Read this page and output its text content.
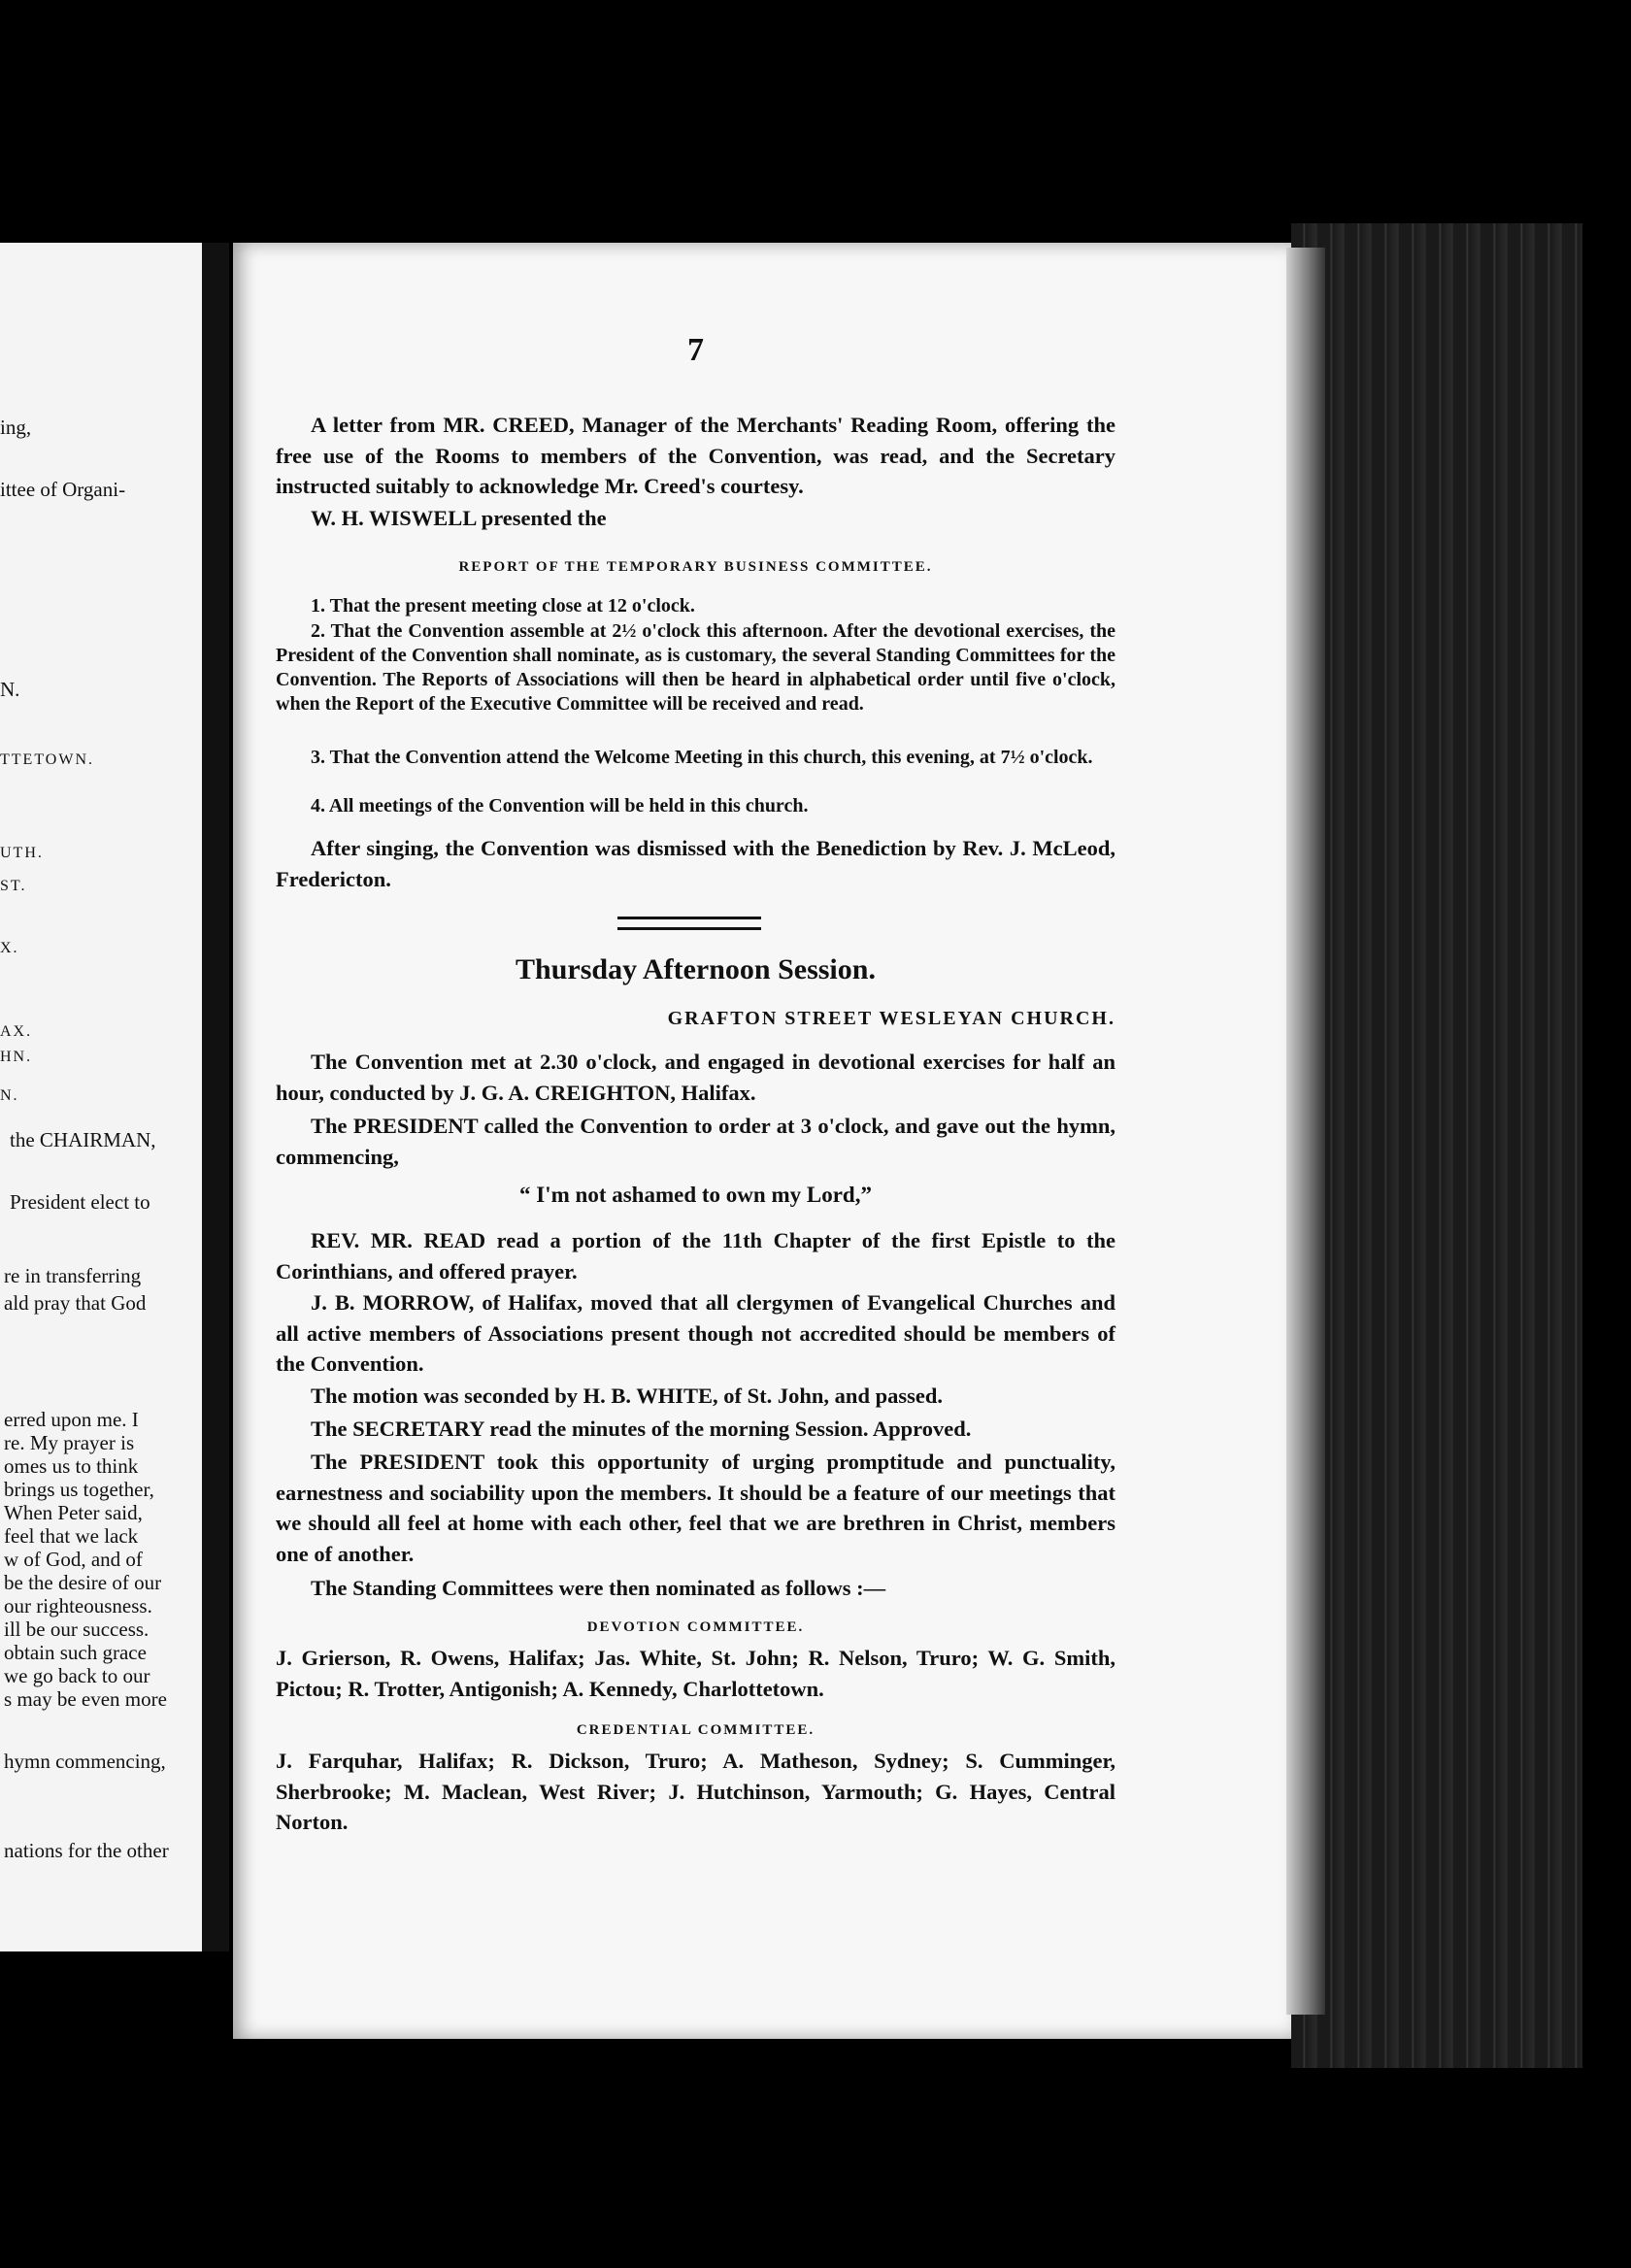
ing,
ittee of Organi-
N.
TTETOWN.
UTH.
ST.
X.
AX.
HN.
N.
the CHAIRMAN,
President elect to
re in transferring
ald pray that God
erred upon me. I
re. My prayer is
omes us to think
brings us together,
When Peter said,
feel that we lack
w of God, and of
be the desire of our
our righteousness.
ill be our success.
obtain such grace
we go back to our
s may be even more
hymn commencing,
nations for the other
7
A letter from MR. CREED, Manager of the Merchants' Reading Room, offering the free use of the Rooms to members of the Convention, was read, and the Secretary instructed suitably to acknowledge Mr. Creed's courtesy.
W. H. WISWELL presented the
REPORT OF THE TEMPORARY BUSINESS COMMITTEE.
1. That the present meeting close at 12 o'clock.
2. That the Convention assemble at 2½ o'clock this afternoon. After the devotional exercises, the President of the Convention shall nominate, as is customary, the several Standing Committees for the Convention. The Reports of Associations will then be heard in alphabetical order until five o'clock, when the Report of the Executive Committee will be received and read.
3. That the Convention attend the Welcome Meeting in this church, this evening, at 7½ o'clock.
4. All meetings of the Convention will be held in this church.
After singing, the Convention was dismissed with the Benediction by Rev. J. McLeod, Fredericton.
Thursday Afternoon Session.
GRAFTON STREET WESLEYAN CHURCH.
The Convention met at 2.30 o'clock, and engaged in devotional exercises for half an hour, conducted by J. G. A. CREIGHTON, Halifax.
The PRESIDENT called the Convention to order at 3 o'clock, and gave out the hymn, commencing,
“ I'm not ashamed to own my Lord,”
REV. MR. READ read a portion of the 11th Chapter of the first Epistle to the Corinthians, and offered prayer.
J. B. MORROW, of Halifax, moved that all clergymen of Evangelical Churches and all active members of Associations present though not accredited should be members of the Convention.
The motion was seconded by H. B. WHITE, of St. John, and passed.
The SECRETARY read the minutes of the morning Session. Approved.
The PRESIDENT took this opportunity of urging promptitude and punctuality, earnestness and sociability upon the members. It should be a feature of our meetings that we should all feel at home with each other, feel that we are brethren in Christ, members one of another.
The Standing Committees were then nominated as follows :—
DEVOTION COMMITTEE.
J. Grierson, R. Owens, Halifax; Jas. White, St. John; R. Nelson, Truro; W. G. Smith, Pictou; R. Trotter, Antigonish; A. Kennedy, Charlottetown.
CREDENTIAL COMMITTEE.
J. Farquhar, Halifax; R. Dickson, Truro; A. Matheson, Sydney; S. Cumminger, Sherbrooke; M. Maclean, West River; J. Hutchinson, Yarmouth; G. Hayes, Central Norton.
